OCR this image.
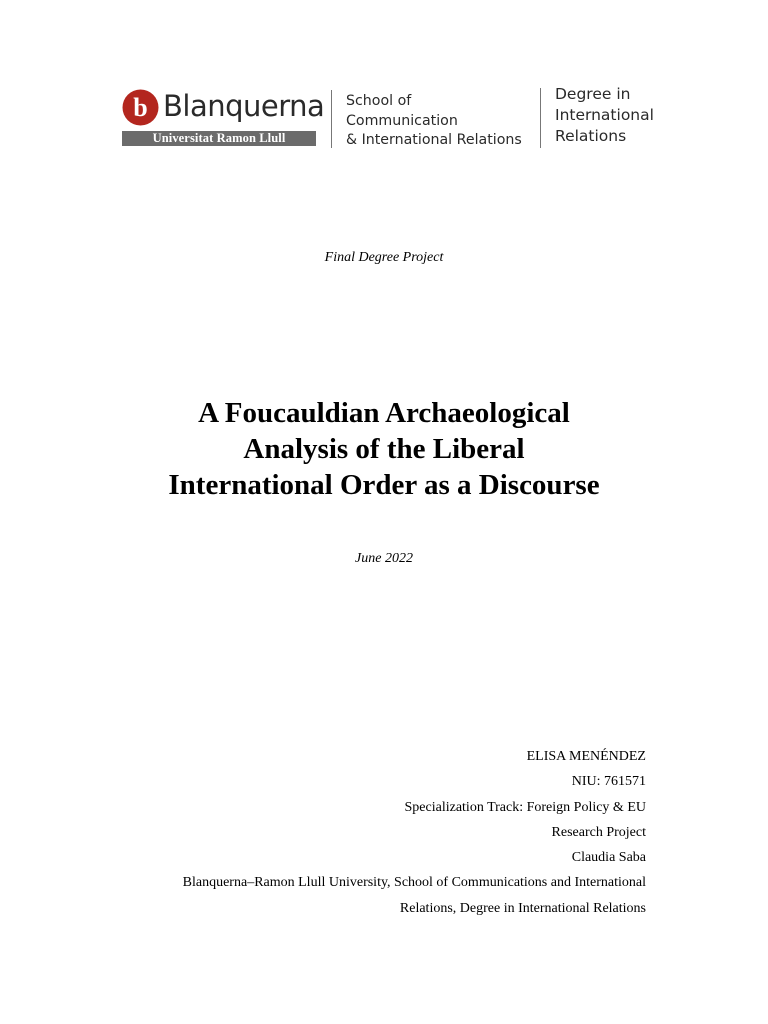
b Blanquerna
Universitat Ramon Llull
School of
Communication
& International Relations
Degree in
International
Relations
Final Degree Project
A Foucauldian Archaeological
Analysis of the Liberal
International Order as a Discourse
June 2022
ELISA MENÉNDEZ
NIU: 761571
Specialization Track: Foreign Policy & EU
Research Project
Claudia Saba
Blanquerna–Ramon Llull University, School of Communications and International
Relations, Degree in International Relations
